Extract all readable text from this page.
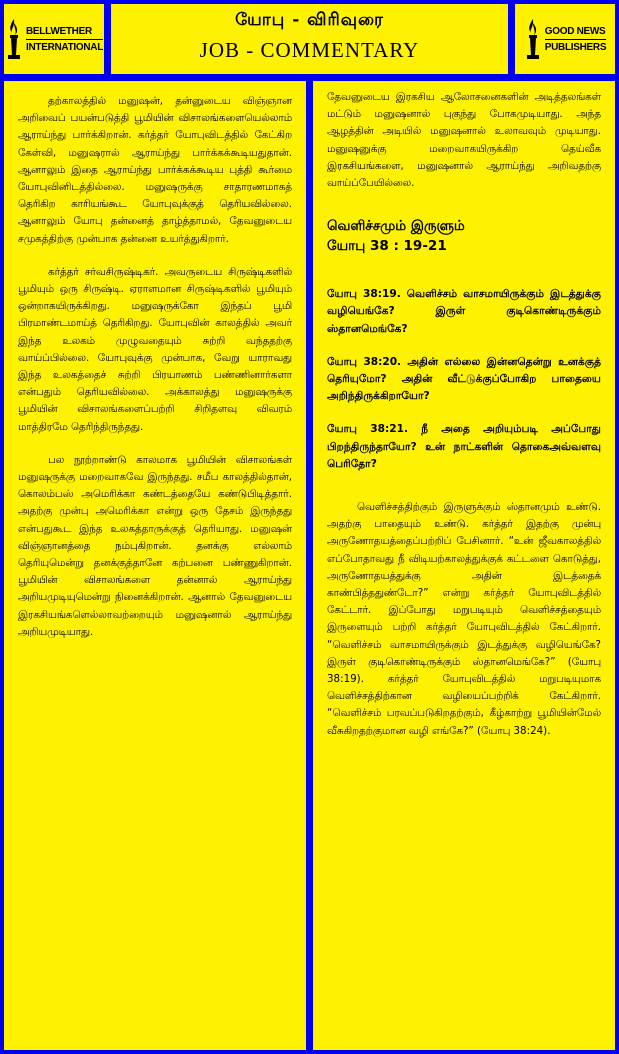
BELLWETHER
INTERNATIONAL
யோபு - விரிவுரை
JOB - COMMENTARY
GOOD NEWS
PUBLISHERS

தற்காலத்தில் மனுஷன், தன்னுடைய விஞ்ஞான அறிவைப் பயன்படுத்தி பூமியின் விசாலங்களையெல்லாம் ஆராய்ந்து பார்க்கிறான். கர்த்தர் யோபுவிடத்தில் கேட்கிற கேள்வி, மனுஷரால் ஆராய்ந்து பார்க்கக்கூடியதுதான். ஆனாலும் இதை ஆராய்ந்து பார்க்கக்கூடிய புத்தி கூர்மை யோபுவினிடத்தில்லை. மனுஷருக்கு சாதாரணமாகத் தெரிகிற காரியங்கூட யோபுவுக்குத் தெரியவில்லை. ஆனாலும் யோபு தன்னைத் தாழ்த்தாமல், தேவனுடைய சமுகத்திற்கு முன்பாக தன்னை உயர்த்துகிறார்.

கர்த்தர் சர்வசிருஷ்டிகர். அவருடைய சிருஷ்டிகளில் பூமியும் ஒரு சிருஷ்டி. ஏராளமான சிருஷ்டிகளில் பூமியும் ஒன்றாகயிருக்கிறது. மனுஷருக்கோ இந்தப் பூமி பிரமாண்டமாய்த் தெரிகிறது. யோபுவின் காலத்தில் அவர் இந்த உலகம் முழுவதையும் சுற்றி வந்ததற்கு வாய்ப்பில்லை. யோபுவுக்கு முன்பாக, வேறு யாராவது இந்த உலகத்தைச் சுற்றி பிரயாணம் பண்ணினார்களா என்பதும் தெரியவில்லை. அக்காலத்து மனுஷருக்கு பூமியின் விசாலங்களைப்பற்றி சிறிதளவு விவரம் மாத்திரமே தெரிந்திருந்தது.

பல நூற்றாண்டு காலமாக பூமியின் விசாலங்கள் மனுஷருக்கு மறைவாகவே இருந்தது. சமீப காலத்தில்தான், கொலம்பஸ் அமெரிக்கா கண்டத்தையே கண்டுபிடித்தார். அதற்கு முன்பு அமெரிக்கா என்று ஒரு தேசம் இருந்தது என்பதுகூட இந்த உலகத்தாருக்குத் தெரியாது. மனுஷன் விஞ்ஞானத்தை நம்புகிறான். தனக்கு எல்லாம் தெரியுமென்று தனக்குத்தானே கற்பனை பண்ணுகிறான். பூமியின் விசாலங்களை தன்னால் ஆராய்ந்து அறியமுடியுமென்று நினைக்கிறான். ஆனால் தேவனுடைய இரகசியங்களெல்லாவற்றையும் மனுஷனால் ஆராய்ந்து அறியமுடியாது.

தேவனுடைய இரகசிய ஆலோசனைகளின் அடித்தலங்கள் மட்டும் மனுஷனால் புகுந்து போகமுடியாது. அந்த ஆழத்தின் அடியில் மனுஷனால் உலாவவும் முடியாது. மனுஷனுக்கு மறைவாகயிருக்கிற தெய்வீக இரகசியங்களை, மனுஷனால் ஆராய்ந்து அறிவதற்கு வாய்ப்பேயில்லை.

வெளிச்சமும் இருளும்
யோபு 38 : 19-21

யோபு 38:19. வெளிச்சம் வாசமாயிருக்கும் இடத்துக்கு வழியெங்கே? இருள் குடிகொண்டிருக்கும் ஸ்தானமெங்கே?

யோபு 38:20. அதின் எல்லை இன்னதென்று உனக்குத் தெரியுமோ? அதின் வீட்டுக்குப்போகிற பாதையை அறிந்திருக்கிறாயோ?

யோபு 38:21. நீ அதை அறியும்படி அப்போது பிறந்திருந்தாயோ? உன் நாட்களின் தொகைஅவ்வளவு பெரிதோ?

வெளிச்சத்திற்கும் இருளுக்கும் ஸ்தானமும் உண்டு. அதற்கு பாதையும் உண்டு. கர்த்தர் இதற்கு முன்பு அருணோதயத்தைப்பற்றிப் பேசினார். “உன் ஜீவகாலத்தில் எப்போதாவது நீ விடியற்காலத்துக்குக் கட்டளை கொடுத்து, அருணோதயத்துக்கு அதின் இடத்தைக் காண்பித்ததுண்டோ?” என்று கர்த்தர் யோபுவிடத்தில் கேட்டார். இப்போது மறுபடியும் வெளிச்சத்தையும் இருளையும் பற்றி கர்த்தர் யோபுவிடத்தில் கேட்கிறார். “வெளிச்சம் வாசமாயிருக்கும் இடத்துக்கு வழியெங்கே? இருள் குடிகொண்டிருக்கும் ஸ்தானமெங்கே?” (யோபு 38:19). கர்த்தர் யோபுவிடத்தில் மறுபடியுமாக வெளிச்சத்திற்கான வழியைப்பற்றிக் கேட்கிறார். “வெளிச்சம் பரவப்படுகிறதற்கும், கீழ்காற்று பூமியின்மேல் வீசுகிறதற்குமான வழி எங்கே?” (யோபு 38:24).
